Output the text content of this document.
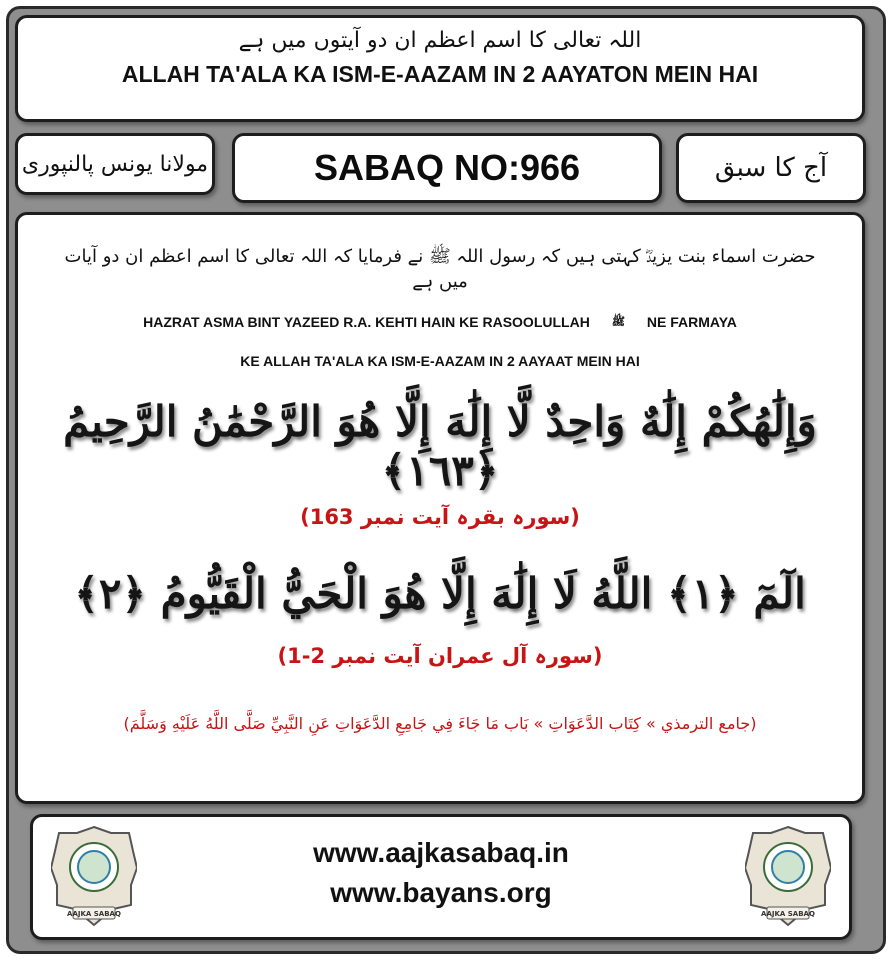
اللہ تعالی کا اسم اعظم ان دو آیتوں میں ہے
ALLAH TA'ALA KA ISM-E-AAZAM IN 2 AAYATON MEIN HAI
مولانا یونس پالنپوری	SABAQ NO:966	آج کا سبق
حضرت اسماء بنت یزیدؓ کہتی ہیں کہ رسول اللہ ﷺ نے فرمایا کہ اللہ تعالی کا اسم اعظم ان دو آیات میں ہے
HAZRAT ASMA BINT YAZEED R.A. KEHTI HAIN KE RASOOLULLAH ﷺ NE FARMAYA
KE ALLAH TA'ALA KA ISM-E-AAZAM IN 2 AAYAAT MEIN HAI
وَإِلَٰهُكُمْ إِلَٰهٌ وَاحِدٌ لَّا إِلَٰهَ إِلَّا هُوَ الرَّحْمَٰنُ الرَّحِيمُ ﴿١٦٣﴾
(سورہ بقرہ آیت نمبر 163)
الٓمٓ ﴿١﴾ اللَّهُ لَا إِلَٰهَ إِلَّا هُوَ الْحَيُّ الْقَيُّومُ ﴿٢﴾
(سورہ آل عمران آیت نمبر 2-1)
(جامع الترمذي » كِتَاب الدَّعَوَاتِ » بَاب مَا جَاءَ فِي جَامِعِ الدَّعَوَاتِ عَنِ النَّبِيِّ صَلَّى اللَّهُ عَلَيْهِ وَسَلَّمَ)
AAJKA SABAQ
www.aajkasabaq.in
www.bayans.org
AAJKA SABAQ
